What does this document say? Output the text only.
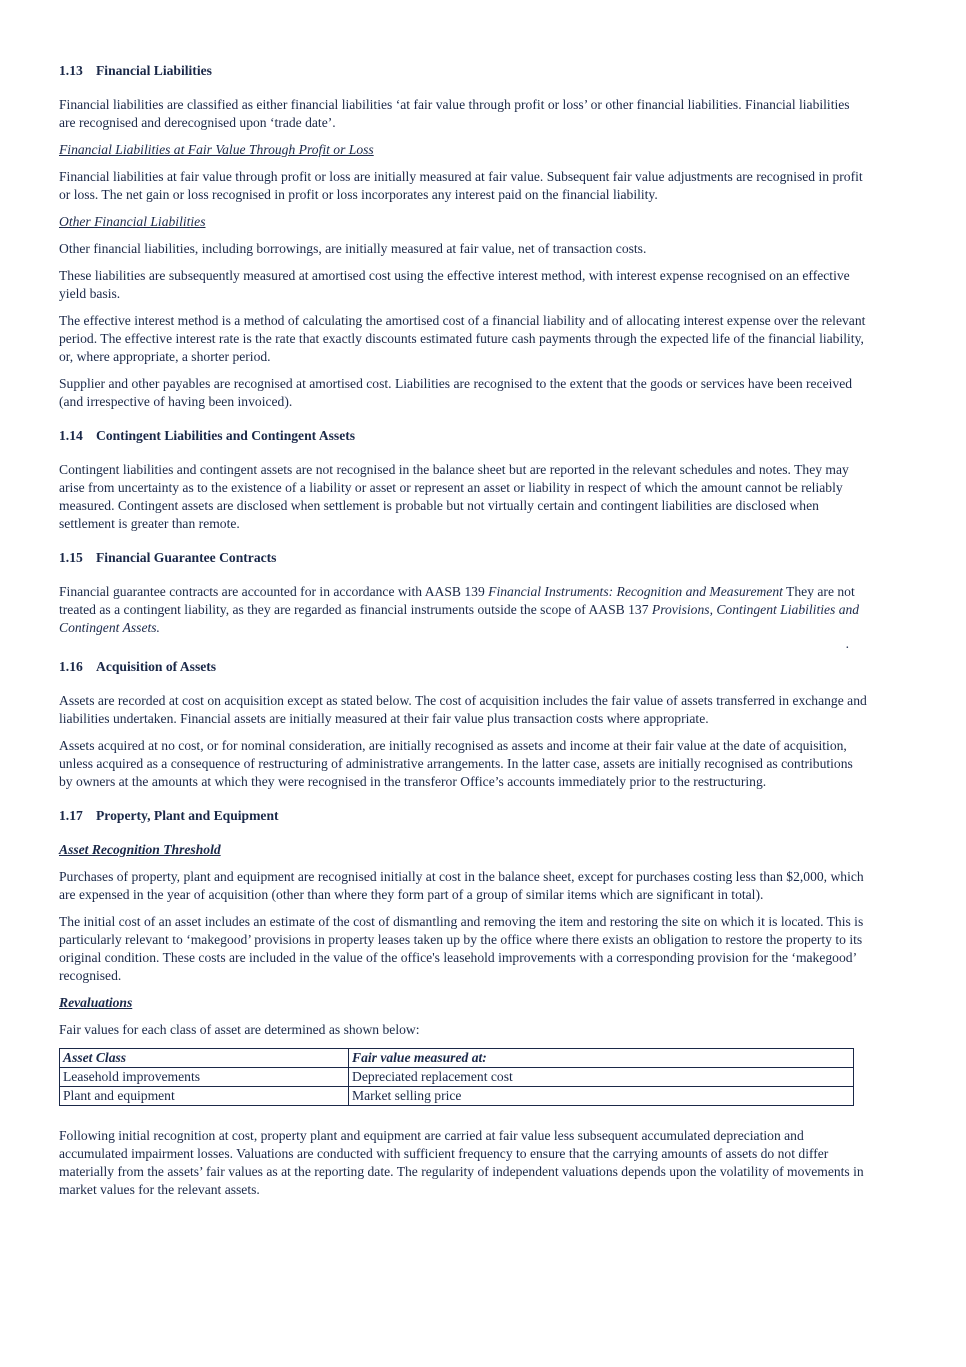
1.13 Financial Liabilities

Financial liabilities are classified as either financial liabilities ‘at fair value through profit or loss’ or other financial liabilities. Financial liabilities are recognised and derecognised upon ‘trade date’.

Financial Liabilities at Fair Value Through Profit or Loss

Financial liabilities at fair value through profit or loss are initially measured at fair value. Subsequent fair value adjustments are recognised in profit or loss. The net gain or loss recognised in profit or loss incorporates any interest paid on the financial liability.

Other Financial Liabilities

Other financial liabilities, including borrowings, are initially measured at fair value, net of transaction costs.

These liabilities are subsequently measured at amortised cost using the effective interest method, with interest expense recognised on an effective yield basis.

The effective interest method is a method of calculating the amortised cost of a financial liability and of allocating interest expense over the relevant period. The effective interest rate is the rate that exactly discounts estimated future cash payments through the expected life of the financial liability, or, where appropriate, a shorter period.

Supplier and other payables are recognised at amortised cost. Liabilities are recognised to the extent that the goods or services have been received (and irrespective of having been invoiced).

1.14 Contingent Liabilities and Contingent Assets

Contingent liabilities and contingent assets are not recognised in the balance sheet but are reported in the relevant schedules and notes. They may arise from uncertainty as to the existence of a liability or asset or represent an asset or liability in respect of which the amount cannot be reliably measured. Contingent assets are disclosed when settlement is probable but not virtually certain and contingent liabilities are disclosed when settlement is greater than remote.

1.15 Financial Guarantee Contracts

Financial guarantee contracts are accounted for in accordance with AASB 139 Financial Instruments: Recognition and Measurement They are not treated as a contingent liability, as they are regarded as financial instruments outside the scope of AASB 137 Provisions, Contingent Liabilities and Contingent Assets.

.
1.16 Acquisition of Assets

Assets are recorded at cost on acquisition except as stated below. The cost of acquisition includes the fair value of assets transferred in exchange and liabilities undertaken. Financial assets are initially measured at their fair value plus transaction costs where appropriate.

Assets acquired at no cost, or for nominal consideration, are initially recognised as assets and income at their fair value at the date of acquisition, unless acquired as a consequence of restructuring of administrative arrangements. In the latter case, assets are initially recognised as contributions by owners at the amounts at which they were recognised in the transferor Office’s accounts immediately prior to the restructuring.

1.17 Property, Plant and Equipment
Asset Recognition Threshold

Purchases of property, plant and equipment are recognised initially at cost in the balance sheet, except for purchases costing less than $2,000, which are expensed in the year of acquisition (other than where they form part of a group of similar items which are significant in total).

The initial cost of an asset includes an estimate of the cost of dismantling and removing the item and restoring the site on which it is located. This is particularly relevant to ‘makegood’ provisions in property leases taken up by the office where there exists an obligation to restore the property to its original condition. These costs are included in the value of the office's leasehold improvements with a corresponding provision for the ‘makegood’ recognised.

Revaluations

Fair values for each class of asset are determined as shown below:

Asset Class	Fair value measured at:
Leasehold improvements	Depreciated replacement cost
Plant and equipment	Market selling price

Following initial recognition at cost, property plant and equipment are carried at fair value less subsequent accumulated depreciation and accumulated impairment losses. Valuations are conducted with sufficient frequency to ensure that the carrying amounts of assets do not differ materially from the assets’ fair values as at the reporting date. The regularity of independent valuations depends upon the volatility of movements in market values for the relevant assets.
